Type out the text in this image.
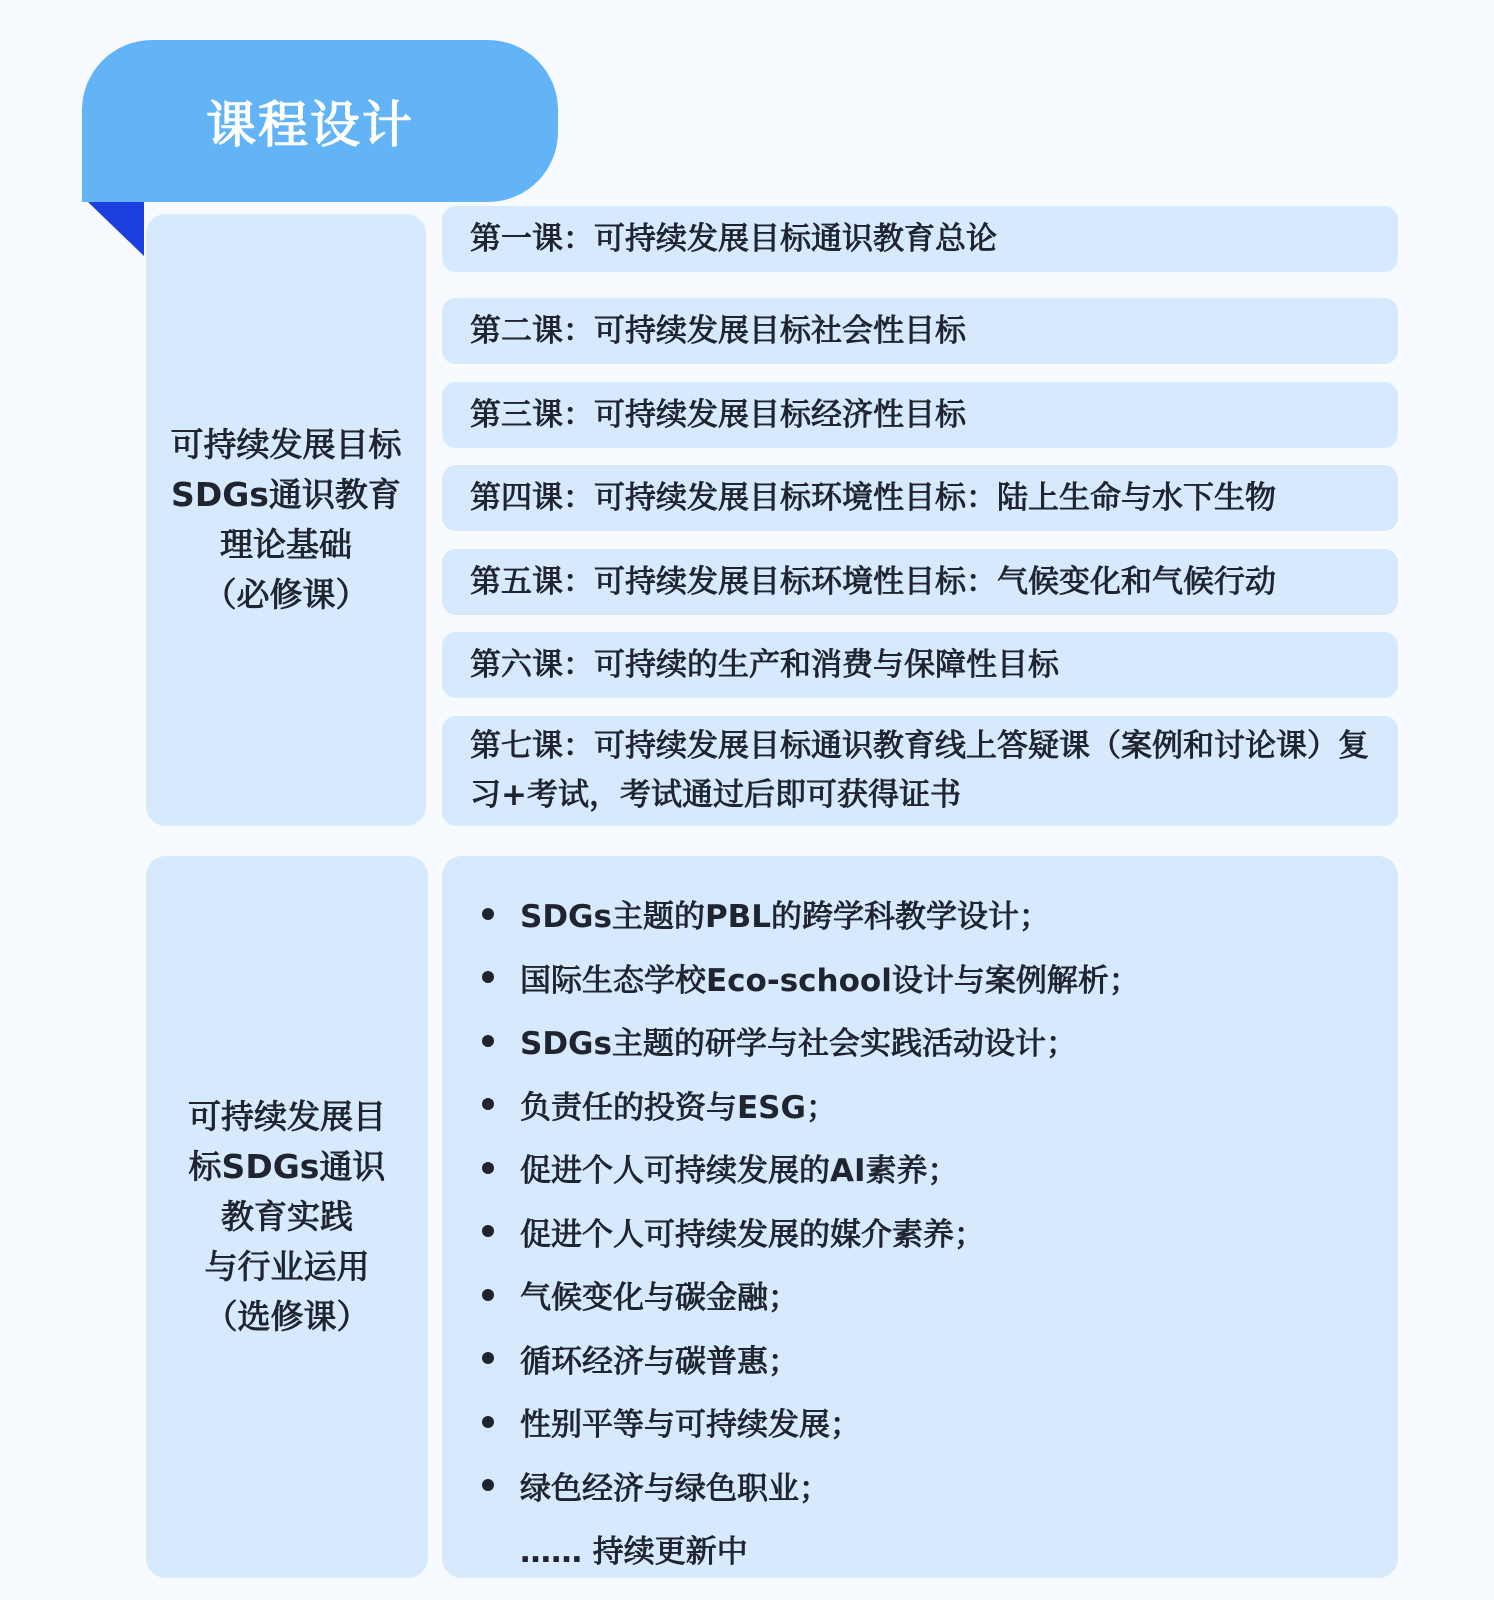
课程设计
可持续发展目标
SDGs通识教育
理论基础
（必修课）
第一课：可持续发展目标通识教育总论
第二课：可持续发展目标社会性目标
第三课：可持续发展目标经济性目标
第四课：可持续发展目标环境性目标：陆上生命与水下生物
第五课：可持续发展目标环境性目标：气候变化和气候行动
第六课：可持续的生产和消费与保障性目标
第七课：可持续发展目标通识教育线上答疑课（案例和讨论课）复习+考试，考试通过后即可获得证书
可持续发展目
标SDGs通识
教育实践
与行业运用
（选修课）
SDGs主题的PBL的跨学科教学设计；
国际生态学校Eco-school设计与案例解析；
SDGs主题的研学与社会实践活动设计；
负责任的投资与ESG；
促进个人可持续发展的AI素养；
促进个人可持续发展的媒介素养；
气候变化与碳金融；
循环经济与碳普惠；
性别平等与可持续发展；
绿色经济与绿色职业；
…… 持续更新中
